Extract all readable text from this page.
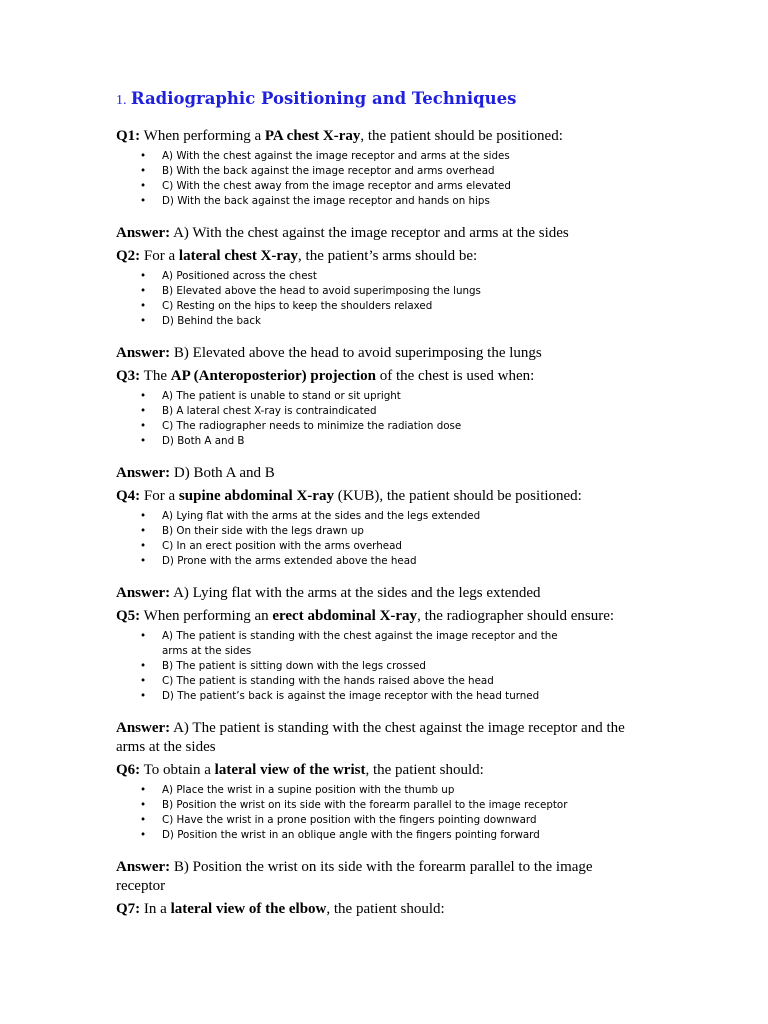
1. Radiographic Positioning and Techniques

Q1: When performing a PA chest X-ray, the patient should be positioned:

• A) With the chest against the image receptor and arms at the sides
• B) With the back against the image receptor and arms overhead
• C) With the chest away from the image receptor and arms elevated
• D) With the back against the image receptor and hands on hips

Answer: A) With the chest against the image receptor and arms at the sides

Q2: For a lateral chest X-ray, the patient’s arms should be:

• A) Positioned across the chest
• B) Elevated above the head to avoid superimposing the lungs
• C) Resting on the hips to keep the shoulders relaxed
• D) Behind the back

Answer: B) Elevated above the head to avoid superimposing the lungs

Q3: The AP (Anteroposterior) projection of the chest is used when:

• A) The patient is unable to stand or sit upright
• B) A lateral chest X-ray is contraindicated
• C) The radiographer needs to minimize the radiation dose
• D) Both A and B

Answer: D) Both A and B

Q4: For a supine abdominal X-ray (KUB), the patient should be positioned:

• A) Lying flat with the arms at the sides and the legs extended
• B) On their side with the legs drawn up
• C) In an erect position with the arms overhead
• D) Prone with the arms extended above the head

Answer: A) Lying flat with the arms at the sides and the legs extended

Q5: When performing an erect abdominal X-ray, the radiographer should ensure:

• A) The patient is standing with the chest against the image receptor and the arms at the sides
• B) The patient is sitting down with the legs crossed
• C) The patient is standing with the hands raised above the head
• D) The patient’s back is against the image receptor with the head turned

Answer: A) The patient is standing with the chest against the image receptor and the arms at the sides

Q6: To obtain a lateral view of the wrist, the patient should:

• A) Place the wrist in a supine position with the thumb up
• B) Position the wrist on its side with the forearm parallel to the image receptor
• C) Have the wrist in a prone position with the fingers pointing downward
• D) Position the wrist in an oblique angle with the fingers pointing forward

Answer: B) Position the wrist on its side with the forearm parallel to the image receptor

Q7: In a lateral view of the elbow, the patient should:
